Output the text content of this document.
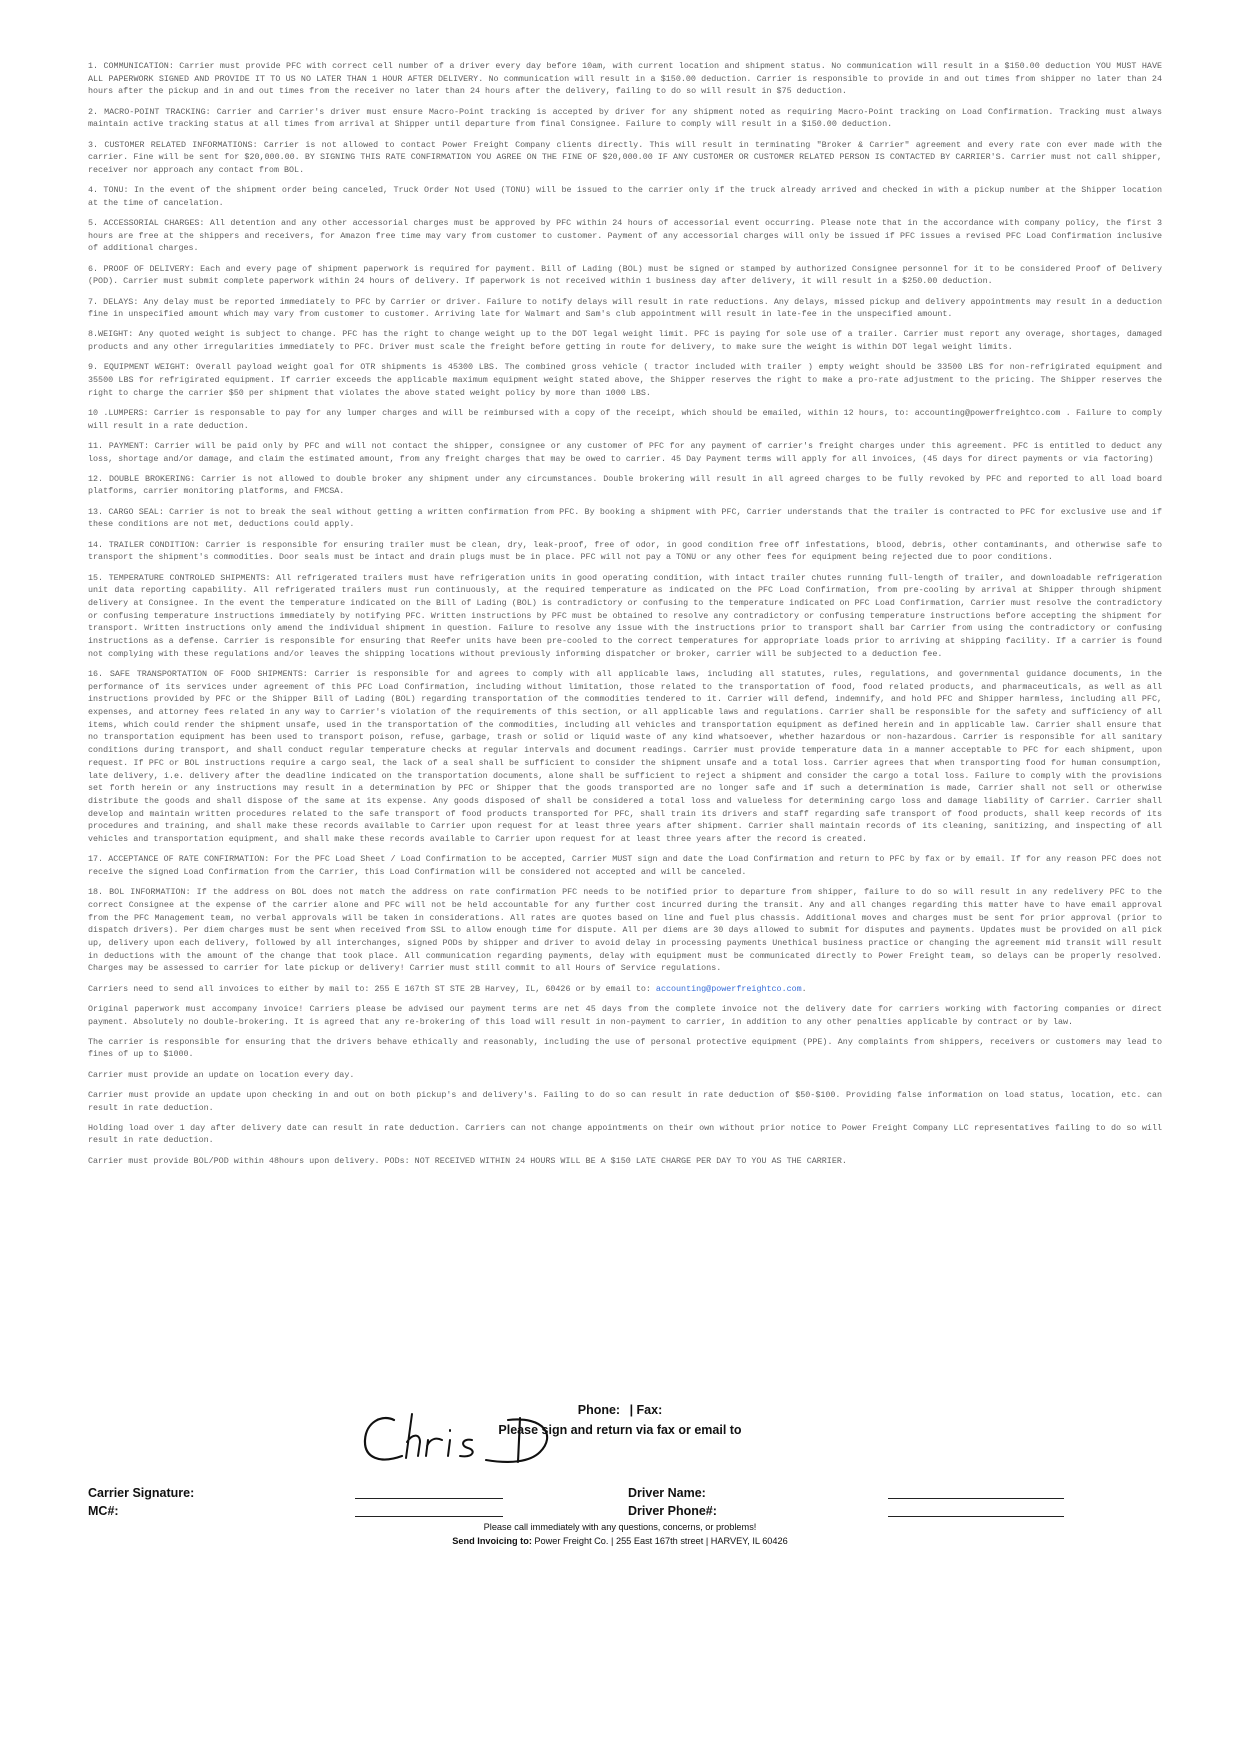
1. COMMUNICATION: Carrier must provide PFC with correct cell number of a driver every day before 10am, with current location and shipment status. No communication will result in a $150.00 deduction YOU MUST HAVE ALL PAPERWORK SIGNED AND PROVIDE IT TO US NO LATER THAN 1 HOUR AFTER DELIVERY. No communication will result in a $150.00 deduction. Carrier is responsible to provide in and out times from shipper no later than 24 hours after the pickup and in and out times from the receiver no later than 24 hours after the delivery, failing to do so will result in $75 deduction.

2. MACRO-POINT TRACKING: Carrier and Carrier's driver must ensure Macro-Point tracking is accepted by driver for any shipment noted as requiring Macro-Point tracking on Load Confirmation. Tracking must always maintain active tracking status at all times from arrival at Shipper until departure from final Consignee. Failure to comply will result in a $150.00 deduction.

3. CUSTOMER RELATED INFORMATIONS: Carrier is not allowed to contact Power Freight Company clients directly. This will result in terminating "Broker & Carrier" agreement and every rate con ever made with the carrier. Fine will be sent for $20,000.00. BY SIGNING THIS RATE CONFIRMATION YOU AGREE ON THE FINE OF $20,000.00 IF ANY CUSTOMER OR CUSTOMER RELATED PERSON IS CONTACTED BY CARRIER'S. Carrier must not call shipper, receiver nor approach any contact from BOL.

4. TONU: In the event of the shipment order being canceled, Truck Order Not Used (TONU) will be issued to the carrier only if the truck already arrived and checked in with a pickup number at the Shipper location at the time of cancelation.

5. ACCESSORIAL CHARGES: All detention and any other accessorial charges must be approved by PFC within 24 hours of accessorial event occurring. Please note that in the accordance with company policy, the first 3 hours are free at the shippers and receivers, for Amazon free time may vary from customer to customer. Payment of any accessorial charges will only be issued if PFC issues a revised PFC Load Confirmation inclusive of additional charges.

6. PROOF OF DELIVERY: Each and every page of shipment paperwork is required for payment. Bill of Lading (BOL) must be signed or stamped by authorized Consignee personnel for it to be considered Proof of Delivery (POD). Carrier must submit complete paperwork within 24 hours of delivery. If paperwork is not received within 1 business day after delivery, it will result in a $250.00 deduction.

7. DELAYS: Any delay must be reported immediately to PFC by Carrier or driver. Failure to notify delays will result in rate reductions. Any delays, missed pickup and delivery appointments may result in a deduction fine in unspecified amount which may vary from customer to customer. Arriving late for Walmart and Sam's club appointment will result in late-fee in the unspecified amount.

8.WEIGHT: Any quoted weight is subject to change. PFC has the right to change weight up to the DOT legal weight limit. PFC is paying for sole use of a trailer. Carrier must report any overage, shortages, damaged products and any other irregularities immediately to PFC. Driver must scale the freight before getting in route for delivery, to make sure the weight is within DOT legal weight limits.

9. EQUIPMENT WEIGHT: Overall payload weight goal for OTR shipments is 45300 LBS. The combined gross vehicle ( tractor included with trailer ) empty weight should be 33500 LBS for non-refrigirated equipment and 35500 LBS for refrigirated equipment. If carrier exceeds the applicable maximum equipment weight stated above, the Shipper reserves the right to make a pro-rate adjustment to the pricing. The Shipper reserves the right to charge the carrier $50 per shipment that violates the above stated weight policy by more than 1000 LBS.

10 .LUMPERS: Carrier is responsable to pay for any lumper charges and will be reimbursed with a copy of the receipt, which should be emailed, within 12 hours, to: accounting@powerfreightco.com . Failure to comply will result in a rate deduction.

11. PAYMENT: Carrier will be paid only by PFC and will not contact the shipper, consignee or any customer of PFC for any payment of carrier's freight charges under this agreement. PFC is entitled to deduct any loss, shortage and/or damage, and claim the estimated amount, from any freight charges that may be owed to carrier. 45 Day Payment terms will apply for all invoices, (45 days for direct payments or via factoring)

12. DOUBLE BROKERING: Carrier is not allowed to double broker any shipment under any circumstances. Double brokering will result in all agreed charges to be fully revoked by PFC and reported to all load board platforms, carrier monitoring platforms, and FMCSA.

13. CARGO SEAL: Carrier is not to break the seal without getting a written confirmation from PFC. By booking a shipment with PFC, Carrier understands that the trailer is contracted to PFC for exclusive use and if these conditions are not met, deductions could apply.

14. TRAILER CONDITION: Carrier is responsible for ensuring trailer must be clean, dry, leak-proof, free of odor, in good condition free off infestations, blood, debris, other contaminants, and otherwise safe to transport the shipment's commodities. Door seals must be intact and drain plugs must be in place. PFC will not pay a TONU or any other fees for equipment being rejected due to poor conditions.

15. TEMPERATURE CONTROLED SHIPMENTS: All refrigerated trailers must have refrigeration units in good operating condition, with intact trailer chutes running full-length of trailer, and downloadable refrigeration unit data reporting capability. All refrigerated trailers must run continuously, at the required temperature as indicated on the PFC Load Confirmation, from pre-cooling by arrival at Shipper through shipment delivery at Consignee. In the event the temperature indicated on the Bill of Lading (BOL) is contradictory or confusing to the temperature indicated on PFC Load Confirmation, Carrier must resolve the contradictory or confusing temperature instructions immediately by notifying PFC. Written instructions by PFC must be obtained to resolve any contradictory or confusing temperature instructions before accepting the shipment for transport. Written instructions only amend the individual shipment in question. Failure to resolve any issue with the instructions prior to transport shall bar Carrier from using the contradictory or confusing instructions as a defense. Carrier is responsible for ensuring that Reefer units have been pre-cooled to the correct temperatures for appropriate loads prior to arriving at shipping facility. If a carrier is found not complying with these regulations and/or leaves the shipping locations without previously informing dispatcher or broker, carrier will be subjected to a deduction fee.

16. SAFE TRANSPORTATION OF FOOD SHIPMENTS: Carrier is responsible for and agrees to comply with all applicable laws, including all statutes, rules, regulations, and governmental guidance documents, in the performance of its services under agreement of this PFC Load Confirmation, including without limitation, those related to the transportation of food, food related products, and pharmaceuticals, as well as all instructions provided by PFC or the Shipper Bill of Lading (BOL) regarding transportation of the commodities tendered to it. Carrier will defend, indemnify, and hold PFC and Shipper harmless, including all PFC, expenses, and attorney fees related in any way to Carrier's violation of the requirements of this section, or all applicable laws and regulations. Carrier shall be responsible for the safety and sufficiency of all items, which could render the shipment unsafe, used in the transportation of the commodities, including all vehicles and transportation equipment as defined herein and in applicable law. Carrier shall ensure that no transportation equipment has been used to transport poison, refuse, garbage, trash or solid or liquid waste of any kind whatsoever, whether hazardous or non-hazardous. Carrier is responsible for all sanitary conditions during transport, and shall conduct regular temperature checks at regular intervals and document readings. Carrier must provide temperature data in a manner acceptable to PFC for each shipment, upon request. If PFC or BOL instructions require a cargo seal, the lack of a seal shall be sufficient to consider the shipment unsafe and a total loss. Carrier agrees that when transporting food for human consumption, late delivery, i.e. delivery after the deadline indicated on the transportation documents, alone shall be sufficient to reject a shipment and consider the cargo a total loss. Failure to comply with the provisions set forth herein or any instructions may result in a determination by PFC or Shipper that the goods transported are no longer safe and if such a determination is made, Carrier shall not sell or otherwise distribute the goods and shall dispose of the same at its expense. Any goods disposed of shall be considered a total loss and valueless for determining cargo loss and damage liability of Carrier. Carrier shall develop and maintain written procedures related to the safe transport of food products transported for PFC, shall train its drivers and staff regarding safe transport of food products, shall keep records of its procedures and training, and shall make these records available to Carrier upon request for at least three years after shipment. Carrier shall maintain records of its cleaning, sanitizing, and inspecting of all vehicles and transportation equipment, and shall make these records available to Carrier upon request for at least three years after the record is created.

17. ACCEPTANCE OF RATE CONFIRMATION: For the PFC Load Sheet / Load Confirmation to be accepted, Carrier MUST sign and date the Load Confirmation and return to PFC by fax or by email. If for any reason PFC does not receive the signed Load Confirmation from the Carrier, this Load Confirmation will be considered not accepted and will be canceled.

18. BOL INFORMATION: If the address on BOL does not match the address on rate confirmation PFC needs to be notified prior to departure from shipper, failure to do so will result in any redelivery PFC to the correct Consignee at the expense of the carrier alone and PFC will not be held accountable for any further cost incurred during the transit. Any and all changes regarding this matter have to have email approval from the PFC Management team, no verbal approvals will be taken in considerations. All rates are quotes based on line and fuel plus chassis. Additional moves and charges must be sent for prior approval (prior to dispatch drivers). Per diem charges must be sent when received from SSL to allow enough time for dispute. All per diems are 30 days allowed to submit for disputes and payments. Updates must be provided on all pick up, delivery upon each delivery, followed by all interchanges, signed PODs by shipper and driver to avoid delay in processing payments Unethical business practice or changing the agreement mid transit will result in deductions with the amount of the change that took place. All communication regarding payments, delay with equipment must be communicated directly to Power Freight team, so delays can be properly resolved. Charges may be assessed to carrier for late pickup or delivery! Carrier must still commit to all Hours of Service regulations.

Carriers need to send all invoices to either by mail to: 255 E 167th ST STE 2B Harvey, IL, 60426 or by email to: accounting@powerfreightco.com.

Original paperwork must accompany invoice! Carriers please be advised our payment terms are net 45 days from the complete invoice not the delivery date for carriers working with factoring companies or direct payment. Absolutely no double-brokering. It is agreed that any re-brokering of this load will result in non-payment to carrier, in addition to any other penalties applicable by contract or by law.

The carrier is responsible for ensuring that the drivers behave ethically and reasonably, including the use of personal protective equipment (PPE). Any complaints from shippers, receivers or customers may lead to fines of up to $1000.

Carrier must provide an update on location every day.

Carrier must provide an update upon checking in and out on both pickup's and delivery's. Failing to do so can result in rate deduction of $50-$100. Providing false information on load status, location, etc. can result in rate deduction.

Holding load over 1 day after delivery date can result in rate deduction. Carriers can not change appointments on their own without prior notice to Power Freight Company LLC representatives failing to do so will result in rate deduction.

Carrier must provide BOL/POD within 48hours upon delivery. PODs: NOT RECEIVED WITHIN 24 HOURS WILL BE A $150 LATE CHARGE PER DAY TO YOU AS THE CARRIER.

Phone: | Fax:
Please sign and return via fax or email to
Carrier Signature:
MC#:
Driver Name:
Driver Phone#:
Please call immediately with any questions, concerns, or problems!
Send Invoicing to: Power Freight Co. | 255 East 167th street | HARVEY, IL 60426
